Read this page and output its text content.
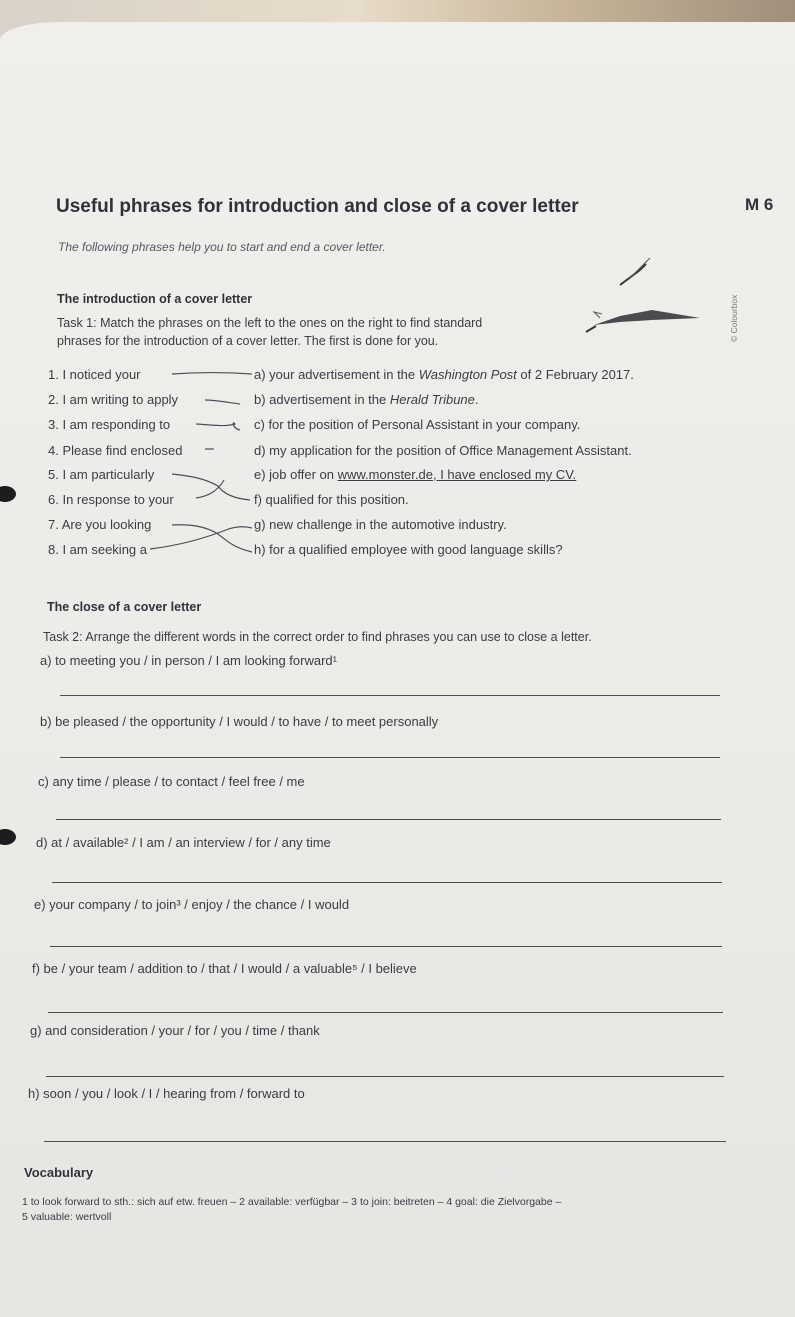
Useful phrases for introduction and close of a cover letter	M 6
The following phrases help you to start and end a cover letter.
© Colourbox
The introduction of a cover letter
Task 1: Match the phrases on the left to the ones on the right to find standard
phrases for the introduction of a cover letter. The first is done for you.
1. I noticed your
2. I am writing to apply
3. I am responding to
4. Please find enclosed
5. I am particularly
6. In response to your
7. Are you looking
8. I am seeking a
a) your advertisement in the Washington Post of 2 February 2017.
b) advertisement in the Herald Tribune.
c) for the position of Personal Assistant in your company.
d) my application for the position of Office Management Assistant.
e) job offer on www.monster.de, I have enclosed my CV.
f) qualified for this position.
g) new challenge in the automotive industry.
h) for a qualified employee with good language skills?
The close of a cover letter
Task 2: Arrange the different words in the correct order to find phrases you can use to close a letter.
a) to meeting you / in person / I am looking forward¹
b) be pleased / the opportunity / I would / to have / to meet personally
c) any time / please / to contact / feel free / me
d) at / available² / I am / an interview / for / any time
e) your company / to join³ / enjoy / the chance / I would
f) be / your team / addition to / that / I would / a valuable⁵ / I believe
g) and consideration / your / for / you / time / thank
h) soon / you / look / I / hearing from / forward to
Vocabulary
1 to look forward to sth.: sich auf etw. freuen – 2 available: verfügbar – 3 to join: beitreten – 4 goal: die Zielvorgabe –
5 valuable: wertvoll
